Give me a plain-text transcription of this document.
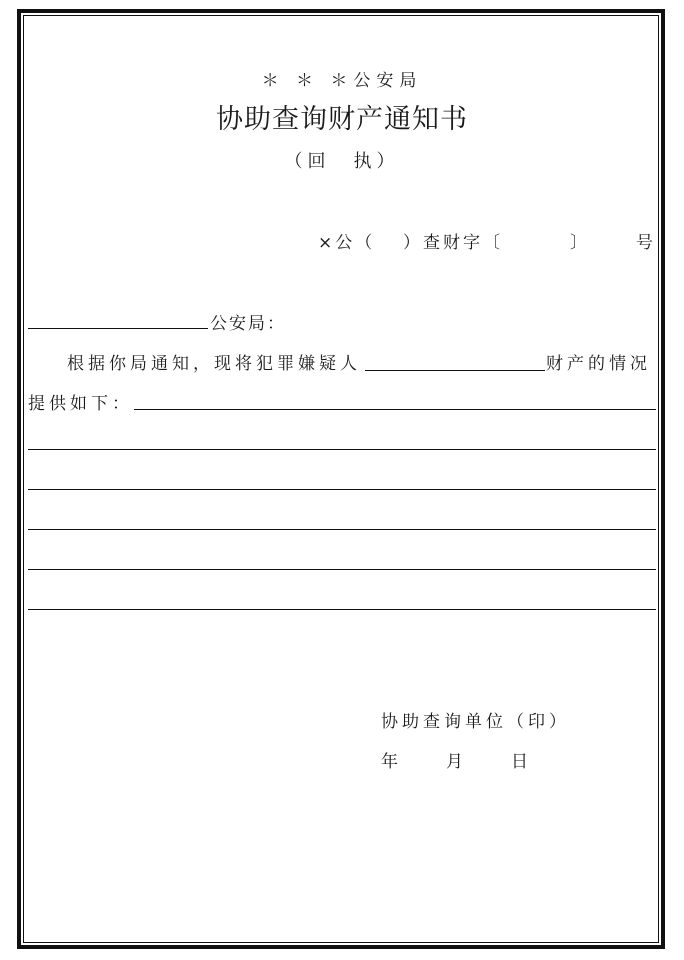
＊ ＊ ＊公安局
协助查询财产通知书
（回　执）
×公（ ）查财字〔	〕	号
公安局：
根据你局通知，现将犯罪嫌疑人	财产的情况
提供如下：
协助查询单位（印）
年	月	日
